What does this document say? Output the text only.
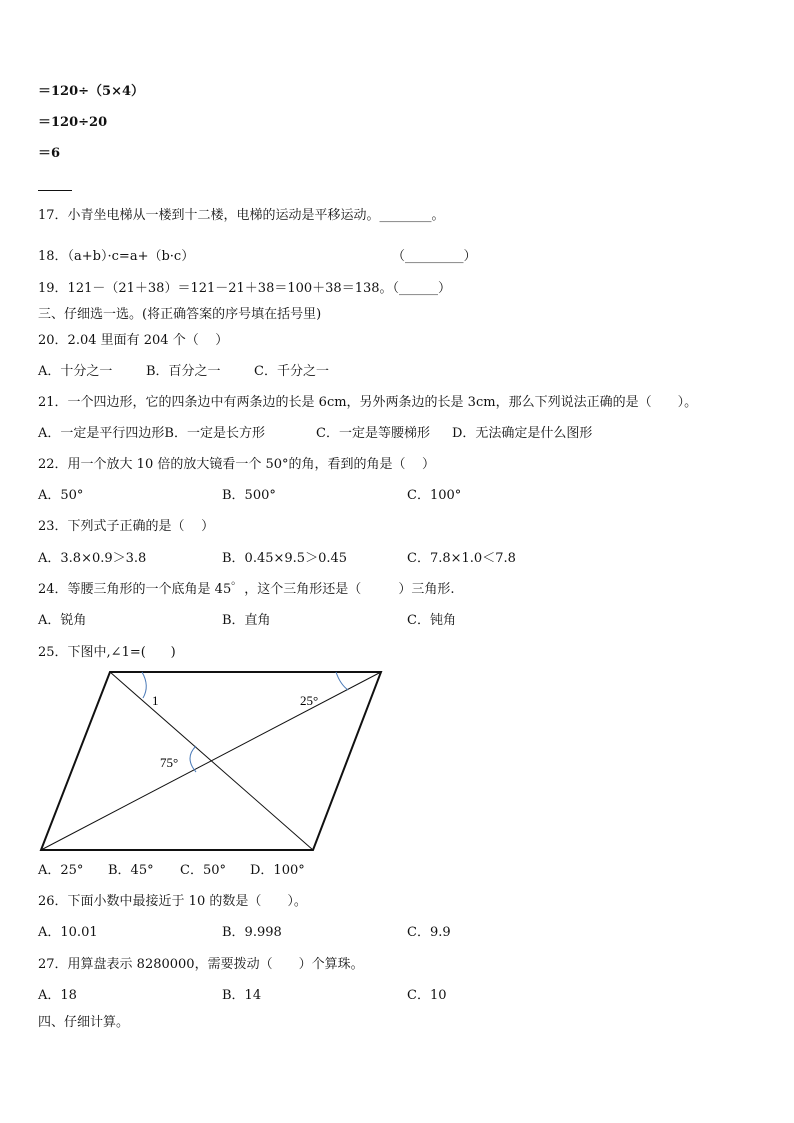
＝120÷（5×4）
＝120÷20
＝6
17．小青坐电梯从一楼到十二楼，电梯的运动是平移运动。________。
18．（a+b）·c=a+（b·c）	（_________）
19．121－（21＋38）＝121－21＋38＝100＋38＝138。（______）
三、仔细选一选。(将正确答案的序号填在括号里)
20．2.04 里面有 204 个（    ）
A．十分之一	B．百分之一	C．千分之一
21．一个四边形，它的四条边中有两条边的长是 6cm，另外两条边的长是 3cm，那么下列说法正确的是（　　）。
A．一定是平行四边形B．一定是长方形	C．一定是等腰梯形 D．无法确定是什么图形
22．用一个放大 10 倍的放大镜看一个 50°的角，看到的角是（    ）
A．50°	B．500°	C．100°
23．下列式子正确的是（    ）
A．3.8×0.9＞3.8	B．0.45×9.5＞0.45	C．7.8×1.0＜7.8
24．等腰三角形的一个底角是 45゜，这个三角形还是（         ）三角形.
A．锐角	B．直角	C．钝角
25．下图中,∠1=(      )
1	25°
75°
A．25° B．45° C．50° D．100°
26．下面小数中最接近于 10 的数是（　　）。
A．10.01	B．9.998	C．9.9
27．用算盘表示 8280000，需要拨动（　　）个算珠。
A．18	B．14	C．10
四、仔细计算。
